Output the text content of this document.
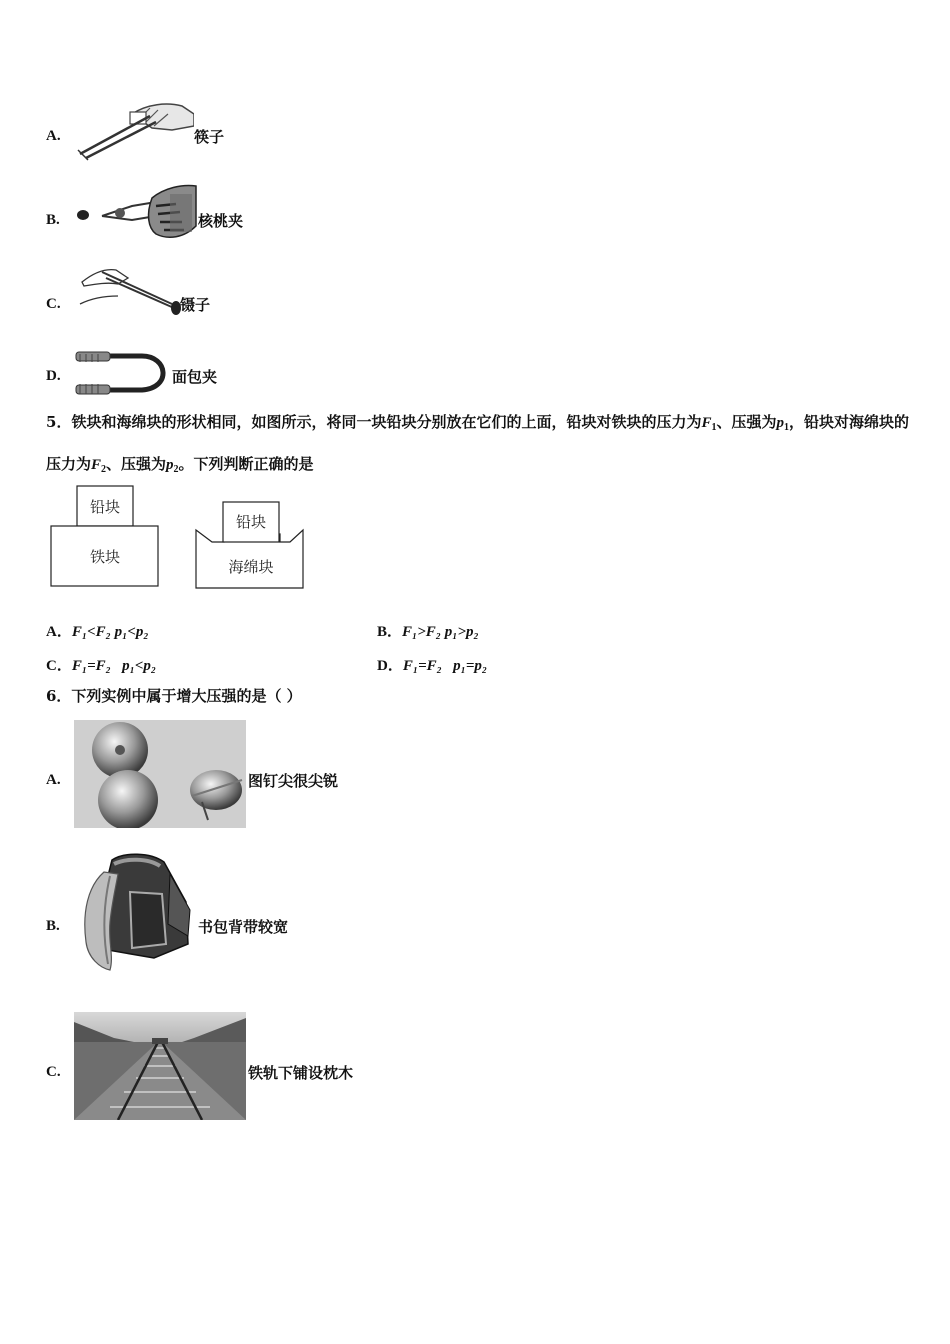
A.	筷子
B.	核桃夹
C.	镊子
D.	面包夹
5．铁块和海绵块的形状相同，如图所示，将同一块铅块分别放在它们的上面，铅块对铁块的压力为$F_1$、压强为$p_1$，铅块对海绵块的压力为$F_2$、压强为$p_2$。下列判断正确的是
铅块
铁块
铅块
海绵块
A．F₁<F₂ p₁<p₂	B．F₁>F₂ p₁>p₂
C．F₁=F₂   p₁<p₂	D．F₁=F₂   p₁=p₂
6．下列实例中属于增大压强的是（ ）
A.	图钉尖很尖锐
B.	书包背带较宽
C.	铁轨下铺设枕木
